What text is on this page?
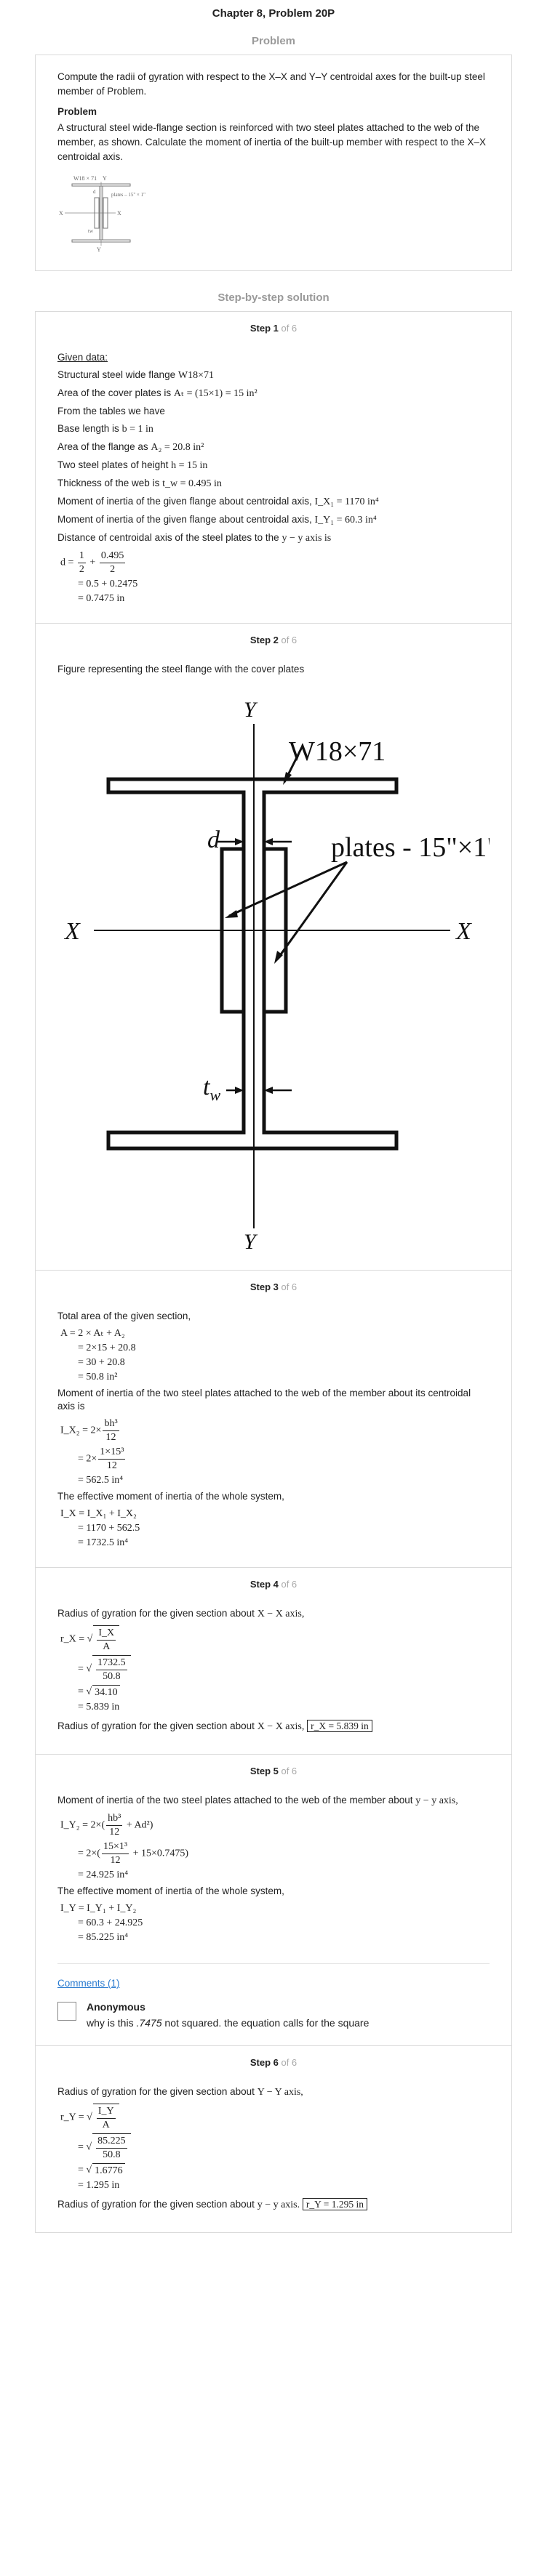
Chapter 8, Problem 20P
Problem

Compute the radii of gyration with respect to the X–X and Y–Y centroidal axes for the built-up steel member of Problem.

Problem

A structural steel wide-flange section is reinforced with two steel plates attached to the web of the member, as shown. Calculate the moment of inertia of the built-up member with respect to the X–X centroidal axis.

W18 × 71 Y
X	X
Y
plates – 15" × 1"
d
tw
Step-by-step solution
Step 1 of 6
Given data:
Structural steel wide flange W18×71
Area of the cover plates is Aₜ = (15×1) = 15 in²
From the tables we have
Base length is b = 1 in
Area of the flange as A₂ = 20.8 in²
Two steel plates of height h = 15 in
Thickness of the web is t_w = 0.495 in
Moment of inertia of the given flange about centroidal axis, I_X₁ = 1170 in⁴
Moment of inertia of the given flange about centroidal axis, I_Y₁ = 60.3 in⁴
Distance of centroidal axis of the steel plates to the y − y axis is
$d = \frac{1}{2} + \frac{0.495}{2}$
= 0.5 + 0.2475
= 0.7475 in
Step 2 of 6
Figure representing the steel flange with the cover plates
Y
Y
X	X
W18×71
plates - 15"×1"
d
$t_w$
Step 3 of 6
Total area of the given section,
A = 2 × Aₜ + A₂
= 2×15 + 20.8
= 30 + 20.8
= 50.8 in²
Moment of inertia of the two steel plates attached to the web of the member about its centroidal axis is
I_X₂ = $2\times \frac{\text{bh³}}{12}$
= $2\times \frac{\text{1×15³}}{12}$
= 562.5 in⁴
The effective moment of inertia of the whole system,
I_X = I_X₁ + I_X₂
= 1170 + 562.5
= 1732.5 in⁴
Step 4 of 6
Radius of gyration for the given section about X − X axis,
r_X = √ $\frac{I\_X}{A}$
= √ $\frac{1732.5}{50.8}$
= √ 34.10
= 5.839 in
Radius of gyration for the given section about X − X axis, r_X = 5.839 in
Step 5 of 6
Moment of inertia of the two steel plates attached to the web of the member about y − y axis,
I_Y₂ = $2\times( \frac{\text{hb³}}{12} + Ad^2)$
= $2\times( \frac{\text{15×1³}}{12} + 15\times 0.7475)$
= 24.925 in⁴
The effective moment of inertia of the whole system,
I_Y = I_Y₁ + I_Y₂
= 60.3 + 24.925
= 85.225 in⁴
Comments (1)
Anonymous
why is this .7475 not squared. the equation calls for the square
Step 6 of 6
Radius of gyration for the given section about Y − Y axis,
r_Y = √ $\frac{I\_Y}{A}$
= √ $\frac{85.225}{50.8}$
= √ 1.6776
= 1.295 in
Radius of gyration for the given section about y − y axis. r_Y = 1.295 in
